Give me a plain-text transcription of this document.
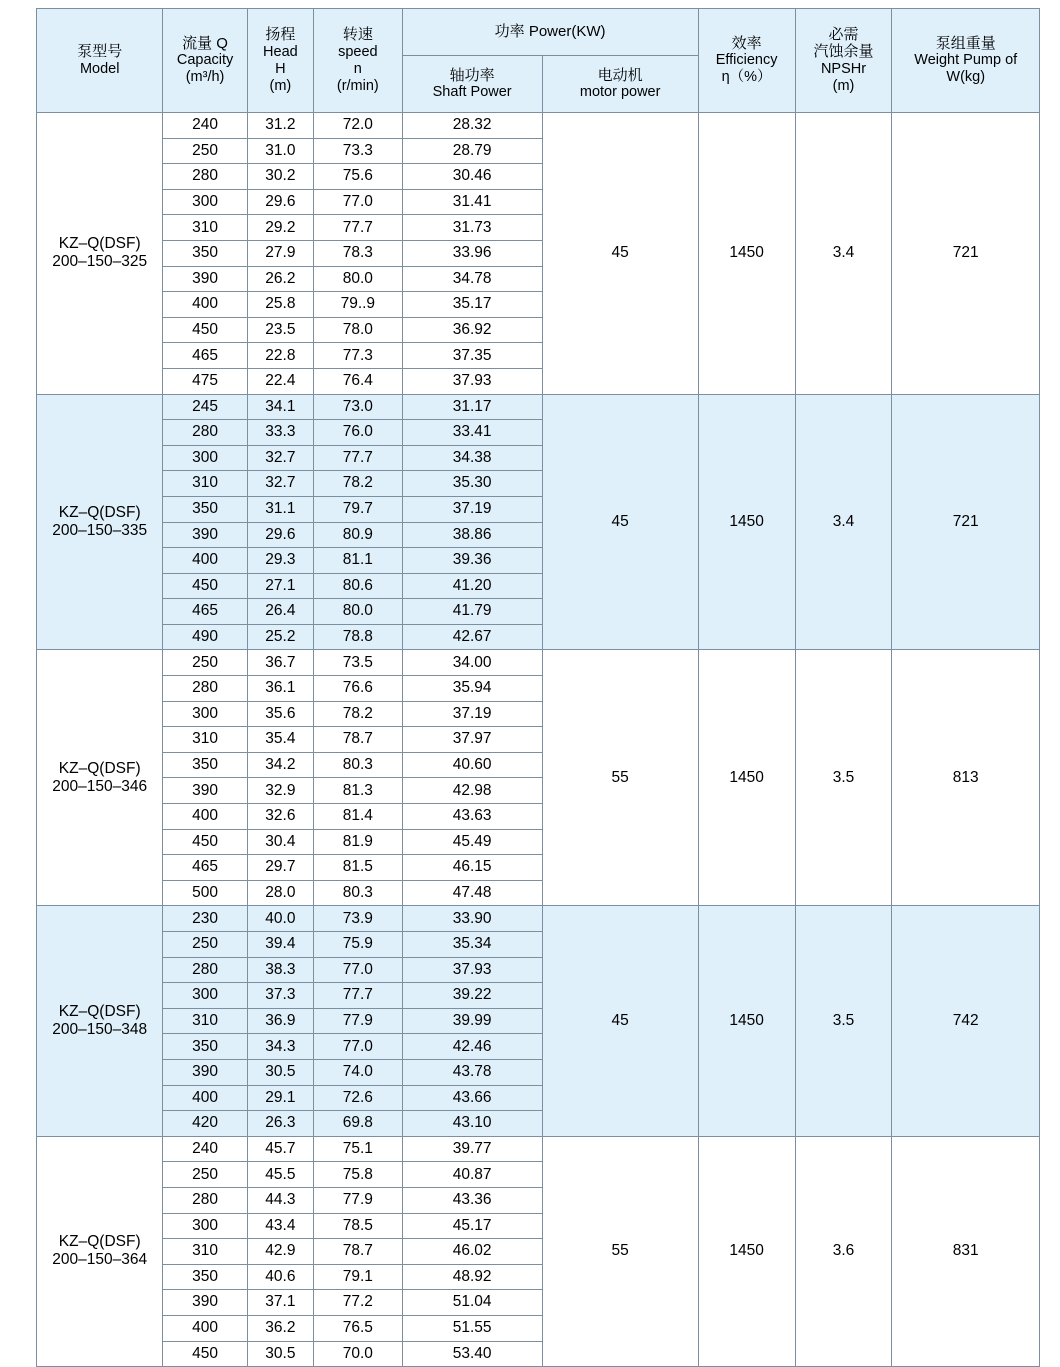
泵型号
Model	流量 Q
Capacity
(m³/h)	扬程
Head
H
(m)	转速
speed
n
(r/min)	功率 Power(KW)		效率
Efficiency
η（%）	必需
汽蚀余量
NPSHr
(m)	泵组重量
Weight Pump of
W(kg)

				轴功率
Shaft Power	电动机
motor power			

KZ–Q(DSF)
200–150–325	240	31.2	72.0	28.32	45	1450	3.4	721
	250	31.0	73.3	28.79				
	280	30.2	75.6	30.46				
	300	29.6	77.0	31.41				
	310	29.2	77.7	31.73				
	350	27.9	78.3	33.96				
	390	26.2	80.0	34.78				
	400	25.8	79..9	35.17				
	450	23.5	78.0	36.92				
	465	22.8	77.3	37.35				
	475	22.4	76.4	37.93				

KZ–Q(DSF)
200–150–335	245	34.1	73.0	31.17	45	1450	3.4	721
	280	33.3	76.0	33.41				
	300	32.7	77.7	34.38				
	310	32.7	78.2	35.30				
	350	31.1	79.7	37.19				
	390	29.6	80.9	38.86				
	400	29.3	81.1	39.36				
	450	27.1	80.6	41.20				
	465	26.4	80.0	41.79				
	490	25.2	78.8	42.67				

KZ–Q(DSF)
200–150–346	250	36.7	73.5	34.00	55	1450	3.5	813
	280	36.1	76.6	35.94				
	300	35.6	78.2	37.19				
	310	35.4	78.7	37.97				
	350	34.2	80.3	40.60				
	390	32.9	81.3	42.98				
	400	32.6	81.4	43.63				
	450	30.4	81.9	45.49				
	465	29.7	81.5	46.15				
	500	28.0	80.3	47.48				

KZ–Q(DSF)
200–150–348	230	40.0	73.9	33.90	45	1450	3.5	742
	250	39.4	75.9	35.34				
	280	38.3	77.0	37.93				
	300	37.3	77.7	39.22				
	310	36.9	77.9	39.99				
	350	34.3	77.0	42.46				
	390	30.5	74.0	43.78				
	400	29.1	72.6	43.66				
	420	26.3	69.8	43.10				

KZ–Q(DSF)
200–150–364	240	45.7	75.1	39.77	55	1450	3.6	831
	250	45.5	75.8	40.87				
	280	44.3	77.9	43.36				
	300	43.4	78.5	45.17				
	310	42.9	78.7	46.02				
	350	40.6	79.1	48.92				
	390	37.1	77.2	51.04				
	400	36.2	76.5	51.55				
	450	30.5	70.0	53.40				
